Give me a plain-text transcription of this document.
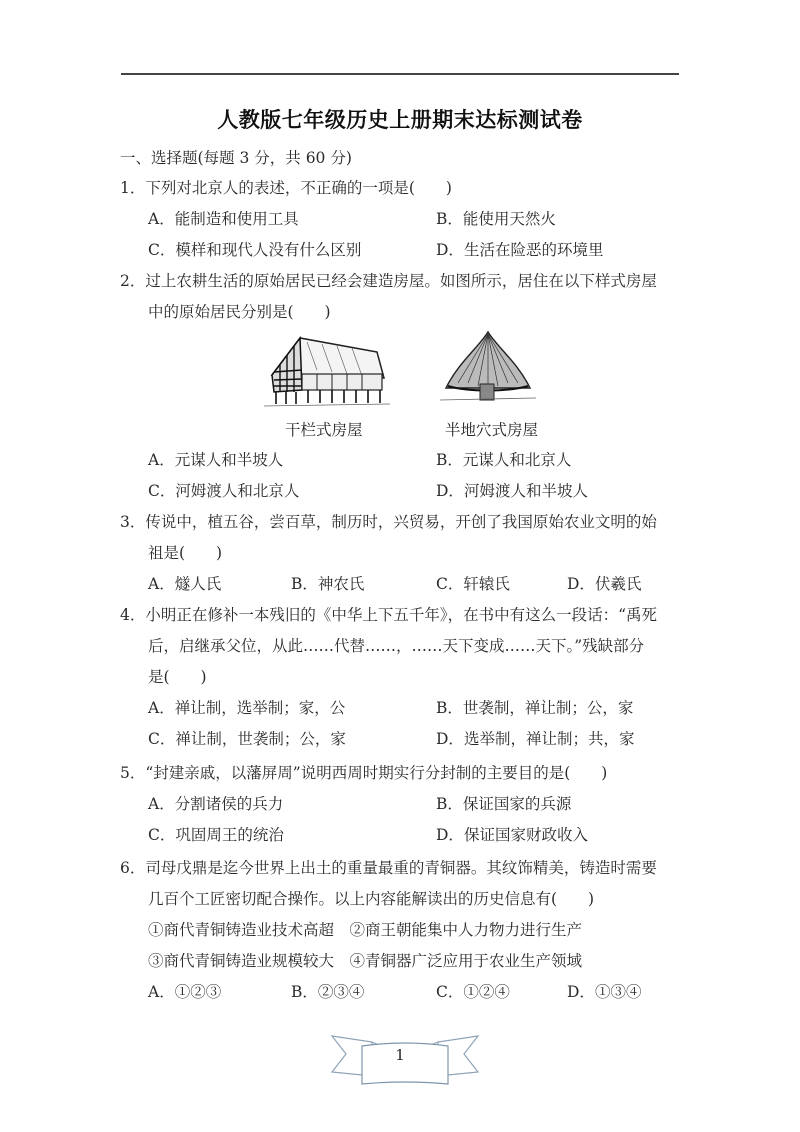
人教版七年级历史上册期末达标测试卷
一、选择题(每题 3 分，共 60 分)
1．下列对北京人的表述，不正确的一项是(　　)
A．能制造和使用工具	B．能使用天然火
C．模样和现代人没有什么区别	D．生活在险恶的环境里
2．过上农耕生活的原始居民已经会建造房屋。如图所示，居住在以下样式房屋
中的原始居民分别是(　　)
干栏式房屋	半地穴式房屋
A．元谋人和半坡人	B．元谋人和北京人
C．河姆渡人和北京人	D．河姆渡人和半坡人
3．传说中，植五谷，尝百草，制历时，兴贸易，开创了我国原始农业文明的始
祖是(　　)
A．燧人氏	B．神农氏	C．轩辕氏	D．伏羲氏
4．小明正在修补一本残旧的《中华上下五千年》，在书中有这么一段话：“禹死
后，启继承父位，从此……代替……，……天下变成……天下。”残缺部分
是(　　)
A．禅让制，选举制；家，公	B．世袭制，禅让制；公，家
C．禅让制，世袭制；公，家	D．选举制，禅让制；共，家
5．“封建亲戚，以藩屏周”说明西周时期实行分封制的主要目的是(　　)
A．分割诸侯的兵力	B．保证国家的兵源
C．巩固周王的统治	D．保证国家财政收入
6．司母戊鼎是迄今世界上出土的重量最重的青铜器。其纹饰精美，铸造时需要
几百个工匠密切配合操作。以上内容能解读出的历史信息有(　　)
①商代青铜铸造业技术高超　②商王朝能集中人力物力进行生产
③商代青铜铸造业规模较大　④青铜器广泛应用于农业生产领域
A．①②③	B．②③④	C．①②④	D．①③④
1
